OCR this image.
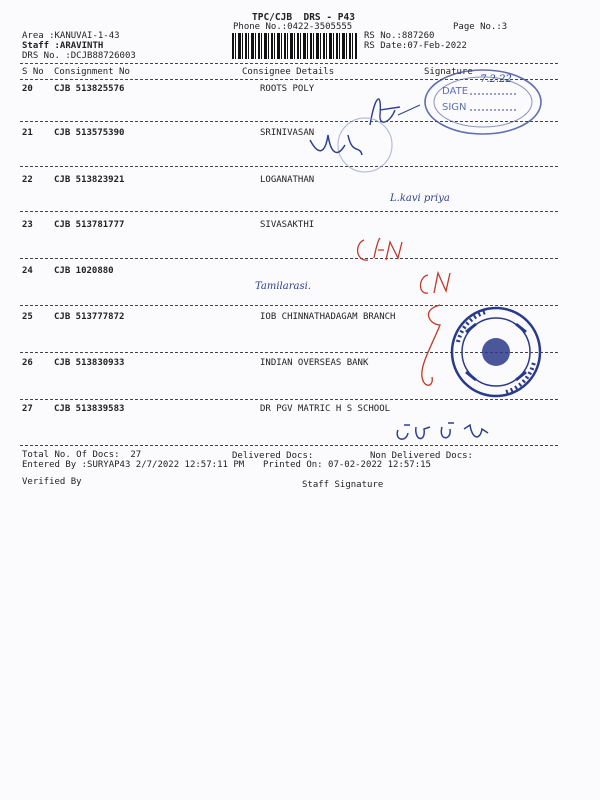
TPC/CJB  DRS - P43
Phone No.:0422-3505555	Page No.:3
Area :KANUVAI-1-43
Staff :ARAVINTH
DRS No. :DCJB88726003
RS No.:887260
RS Date:07-Feb-2022
S No Consignment No	Consignee Details	Signature
20 CJB 513825576	ROOTS POLY
21 CJB 513575390	SRINIVASAN
22 CJB 513823921	LOGANATHAN
23 CJB 513781777	SIVASAKTHI
24 CJB 1020880
25 CJB 513777872	IOB CHINNATHADAGAM BRANCH
26 CJB 513830933	INDIAN OVERSEAS BANK
27 CJB 513839583	DR PGV MATRIC H S SCHOOL
Total No. Of Docs:  27	Delivered Docs:	Non Delivered Docs:
Entered By :SURYAP43 2/7/2022 12:57:11 PM Printed On: 07-02-2022 12:57:15
Verified By	Staff Signature
DATE
SIGN
7.2.22
L.kavi priya
Tamilarasi.
